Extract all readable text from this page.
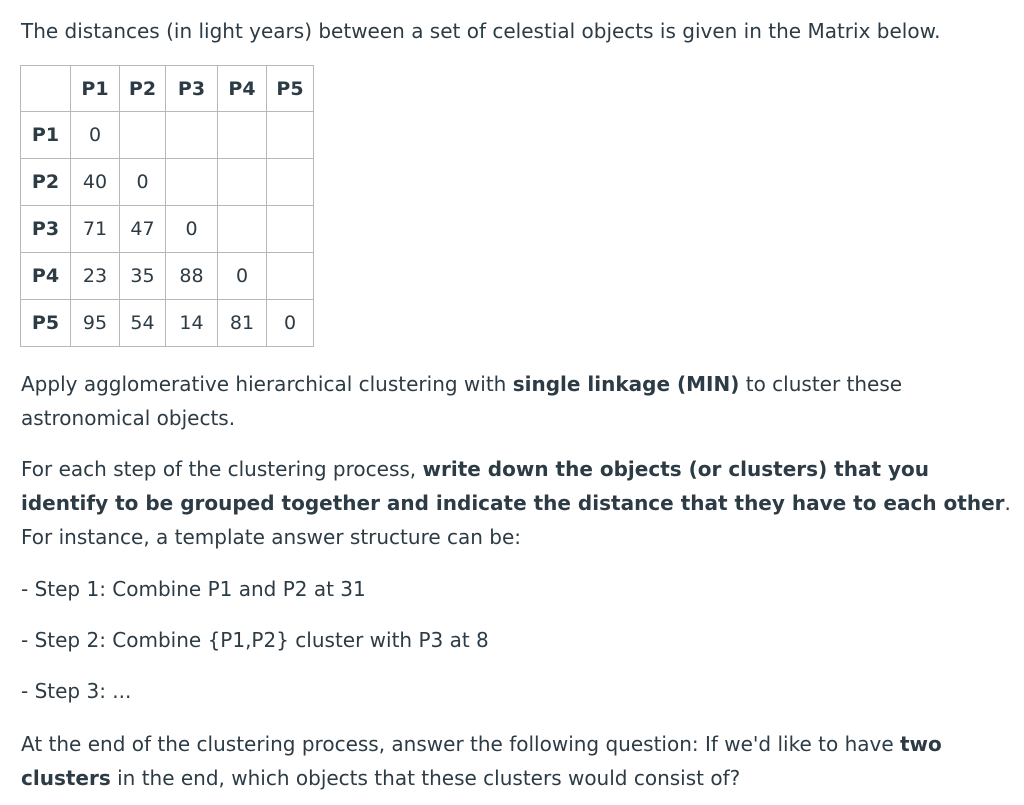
The distances (in light years) between a set of celestial objects is given in the Matrix below.
	P1	P2	P3	P4	P5
P1	0				
P2	40	0			
P3	71	47	0		
P4	23	35	88	0	
P5	95	54	14	81	0
Apply agglomerative hierarchical clustering with single linkage (MIN) to cluster these astronomical objects.
For each step of the clustering process, write down the objects (or clusters) that you identify to be grouped together and indicate the distance that they have to each other. For instance, a template answer structure can be:
- Step 1: Combine P1 and P2 at 31
- Step 2: Combine {P1,P2} cluster with P3 at 8
- Step 3: ...
At the end of the clustering process, answer the following question: If we'd like to have two clusters in the end, which objects that these clusters would consist of?
